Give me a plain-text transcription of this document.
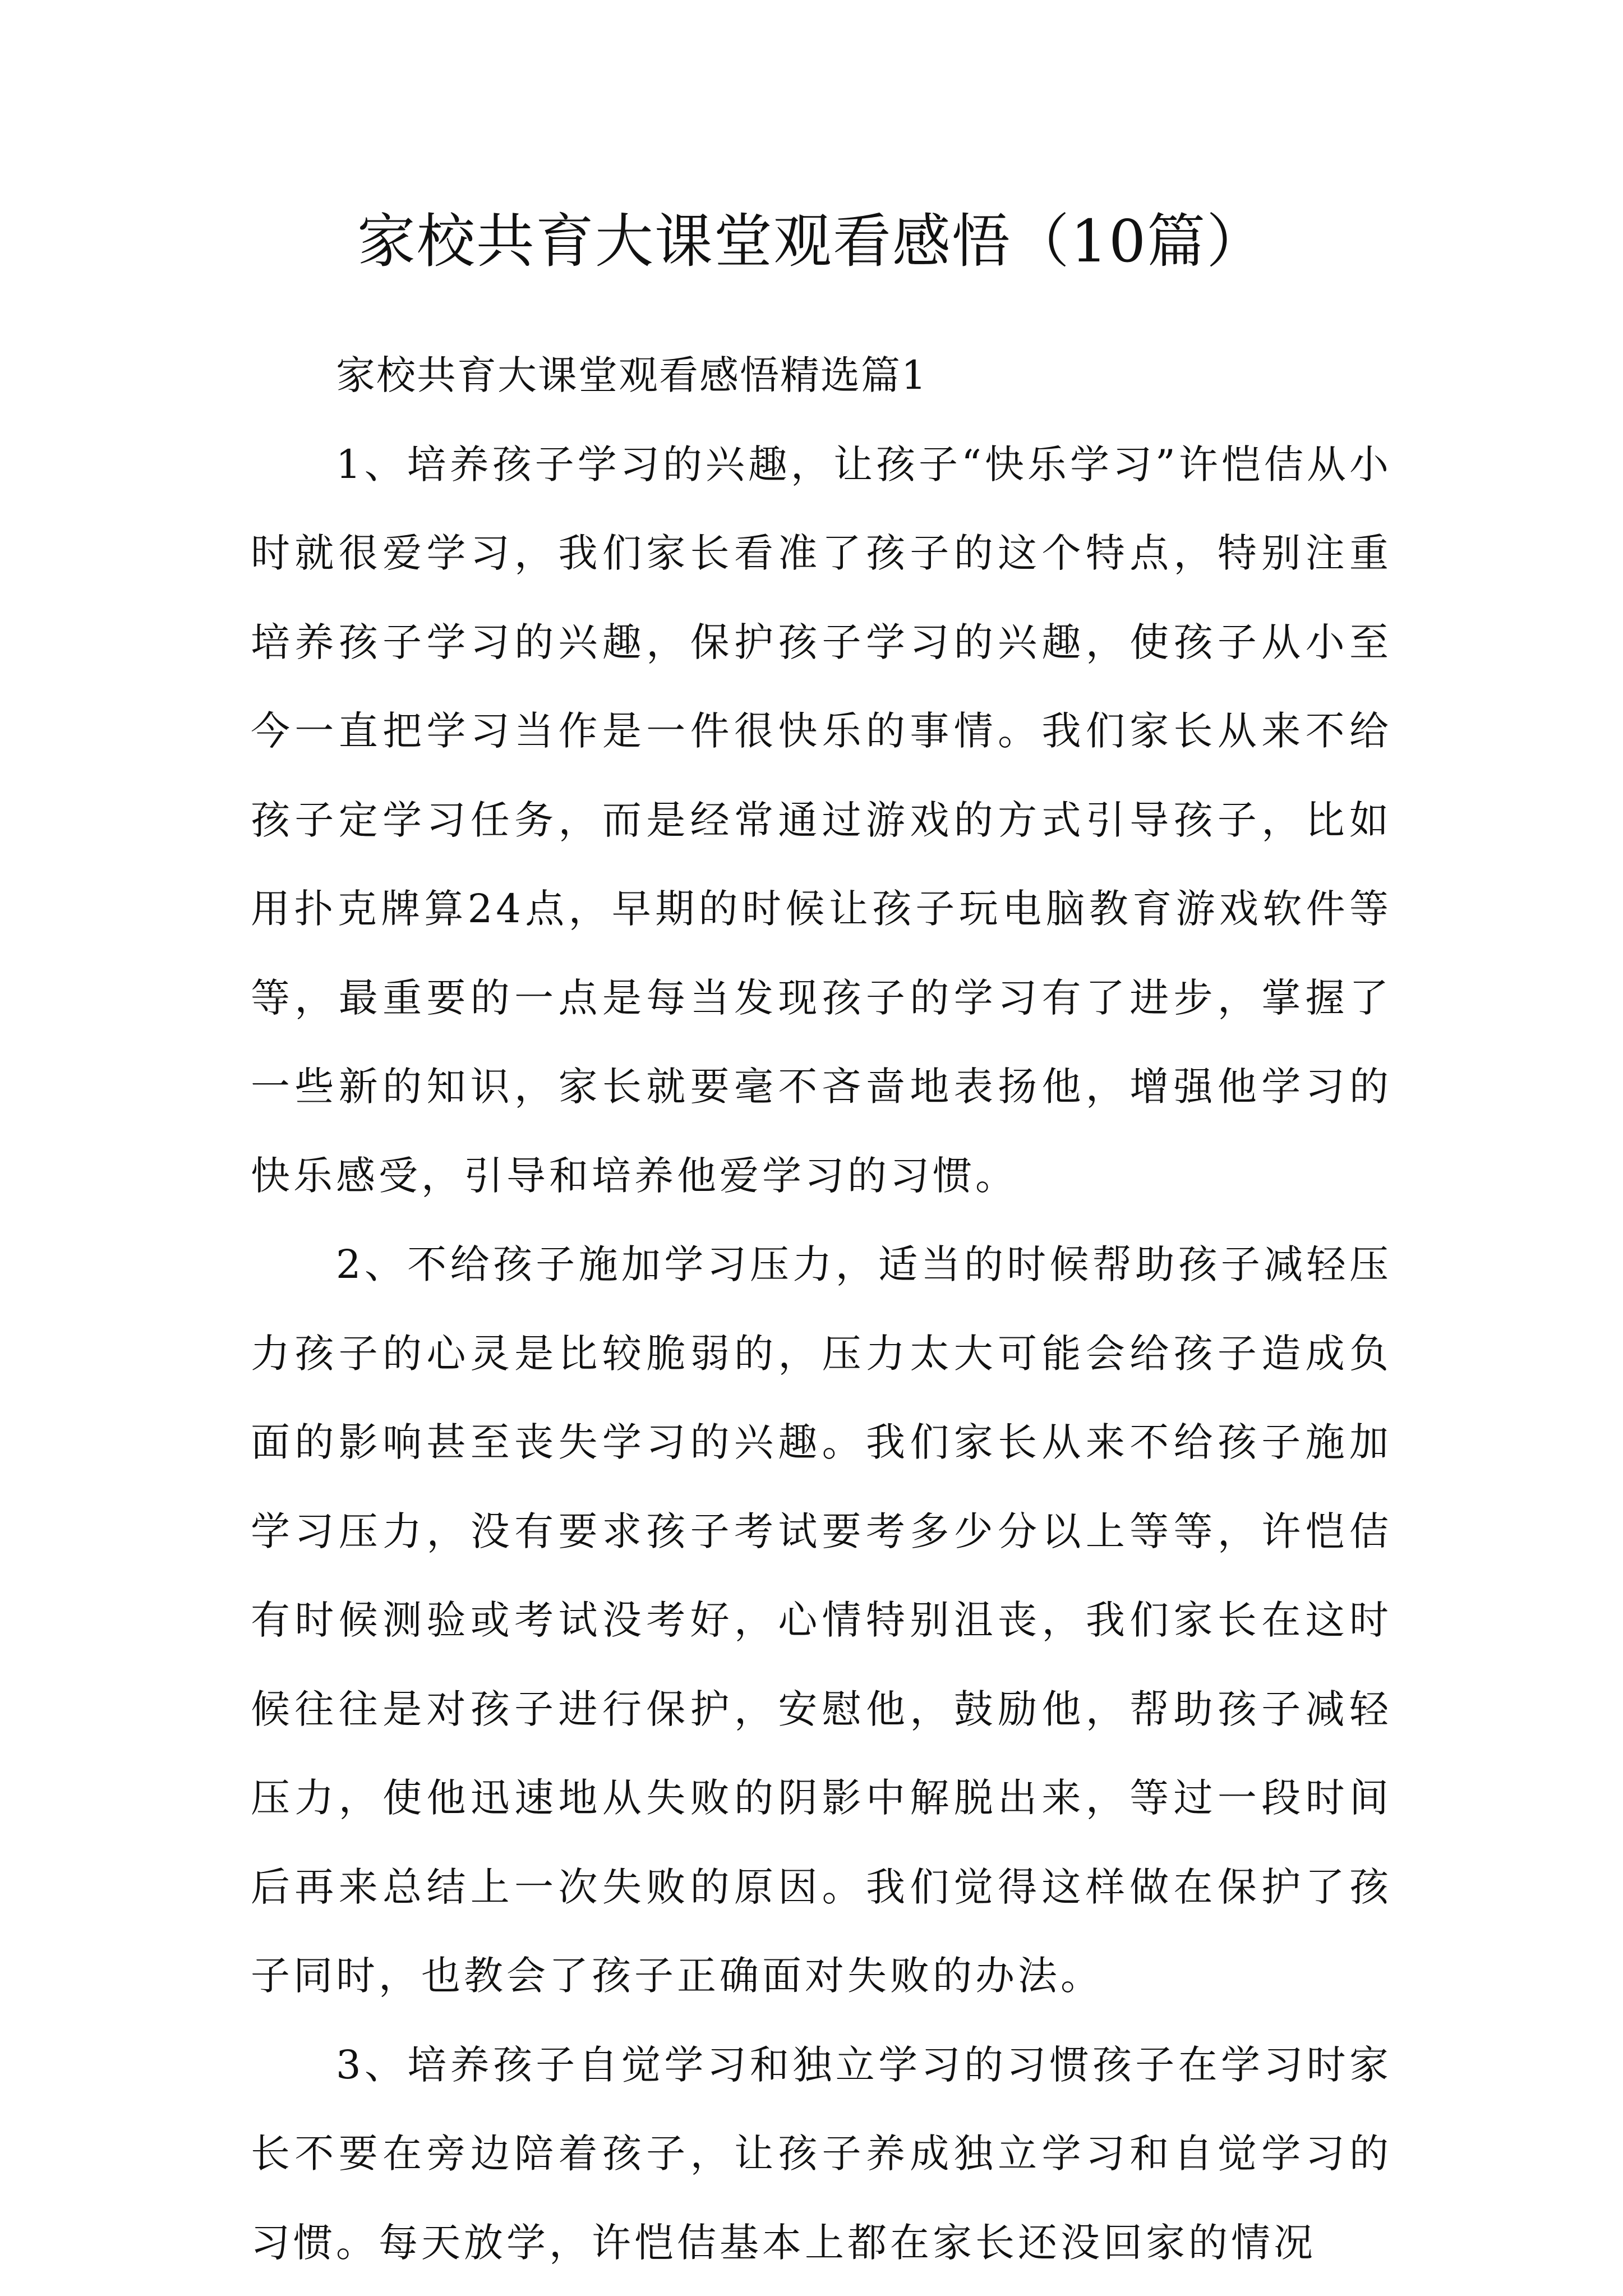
家校共育大课堂观看感悟（10篇）

家校共育大课堂观看感悟精选篇1

1、培养孩子学习的兴趣，让孩子“快乐学习”许恺佶从小时就很爱学习，我们家长看准了孩子的这个特点，特别注重培养孩子学习的兴趣，保护孩子学习的兴趣，使孩子从小至今一直把学习当作是一件很快乐的事情。我们家长从来不给孩子定学习任务，而是经常通过游戏的方式引导孩子，比如用扑克牌算24点，早期的时候让孩子玩电脑教育游戏软件等等，最重要的一点是每当发现孩子的学习有了进步，掌握了一些新的知识，家长就要毫不吝啬地表扬他，增强他学习的快乐感受，引导和培养他爱学习的习惯。

2、不给孩子施加学习压力，适当的时候帮助孩子减轻压力孩子的心灵是比较脆弱的，压力太大可能会给孩子造成负面的影响甚至丧失学习的兴趣。我们家长从来不给孩子施加学习压力，没有要求孩子考试要考多少分以上等等，许恺佶有时候测验或考试没考好，心情特别沮丧，我们家长在这时候往往是对孩子进行保护，安慰他，鼓励他，帮助孩子减轻压力，使他迅速地从失败的阴影中解脱出来，等过一段时间后再来总结上一次失败的原因。我们觉得这样做在保护了孩子同时，也教会了孩子正确面对失败的办法。

3、培养孩子自觉学习和独立学习的习惯孩子在学习时家长不要在旁边陪着孩子，让孩子养成独立学习和自觉学习的习惯。每天放学，许恺佶基本上都在家长还没回家的情况
